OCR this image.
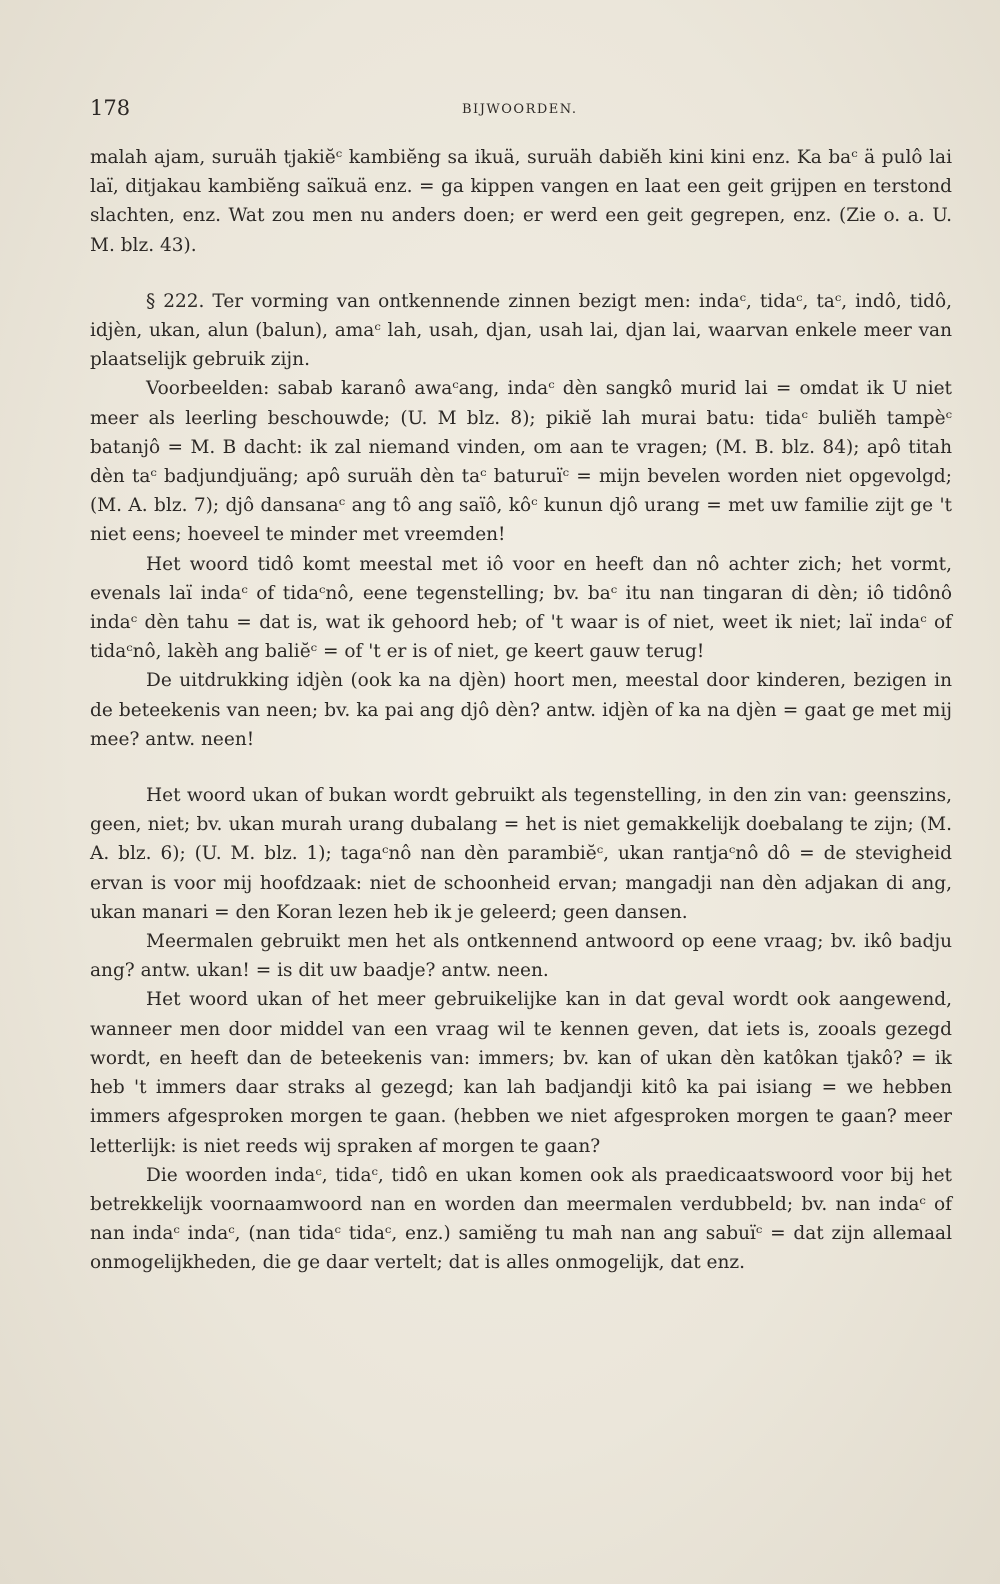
178	BIJWOORDEN.

malah ajam, suruäh tjakiĕᶜ kambiĕng sa ikuä, suruäh dabiĕh kini kini enz. Ka baᶜ ä pulô lai laï, ditjakau kambiĕng saïkuä enz. = ga kippen vangen en laat een geit grijpen en terstond slachten, enz. Wat zou men nu anders doen; er werd een geit gegrepen, enz. (Zie o. a. U. M. blz. 43).

§ 222. Ter vorming van ontkennende zinnen bezigt men: indaᶜ, tidaᶜ, taᶜ, indô, tidô, idjèn, ukan, alun (balun), amaᶜ lah, usah, djan, usah lai, djan lai, waarvan enkele meer van plaatselijk gebruik zijn.

Voorbeelden: sabab karanô awaᶜang, indaᶜ dèn sangkô murid lai = omdat ik U niet meer als leerling beschouwde; (U. M blz. 8); pikiĕ lah murai batu: tidaᶜ buliĕh tampèᶜ batanjô = M. B dacht: ik zal niemand vinden, om aan te vragen; (M. B. blz. 84); apô titah dèn taᶜ badjundjuäng; apô suruäh dèn taᶜ baturuïᶜ = mijn bevelen worden niet opgevolgd; (M. A. blz. 7); djô dansanaᶜ ang tô ang saïô, kôᶜ kunun djô urang = met uw familie zijt ge 't niet eens; hoeveel te minder met vreemden!

Het woord tidô komt meestal met iô voor en heeft dan nô achter zich; het vormt, evenals laï indaᶜ of tidaᶜnô, eene tegenstelling; bv. baᶜ itu nan tingaran di dèn; iô tidônô indaᶜ dèn tahu = dat is, wat ik gehoord heb; of 't waar is of niet, weet ik niet; laï indaᶜ of tidaᶜnô, lakèh ang baliĕᶜ = of 't er is of niet, ge keert gauw terug!

De uitdrukking idjèn (ook ka na djèn) hoort men, meestal door kinderen, bezigen in de beteekenis van neen; bv. ka pai ang djô dèn? antw. idjèn of ka na djèn = gaat ge met mij mee? antw. neen!

Het woord ukan of bukan wordt gebruikt als tegenstelling, in den zin van: geenszins, geen, niet; bv. ukan murah urang dubalang = het is niet gemakkelijk doebalang te zijn; (M. A. blz. 6); (U. M. blz. 1); tagaᶜnô nan dèn parambiĕᶜ, ukan rantjaᶜnô dô = de stevigheid ervan is voor mij hoofdzaak: niet de schoonheid ervan; mangadji nan dèn adjakan di ang, ukan manari = den Koran lezen heb ik je geleerd; geen dansen.

Meermalen gebruikt men het als ontkennend antwoord op eene vraag; bv. ikô badju ang? antw. ukan! = is dit uw baadje? antw. neen.

Het woord ukan of het meer gebruikelijke kan in dat geval wordt ook aangewend, wanneer men door middel van een vraag wil te kennen geven, dat iets is, zooals gezegd wordt, en heeft dan de beteekenis van: immers; bv. kan of ukan dèn katôkan tjakô? = ik heb 't immers daar straks al gezegd; kan lah badjandji kitô ka pai isiang = we hebben immers afgesproken morgen te gaan. (hebben we niet afgesproken morgen te gaan? meer letterlijk: is niet reeds wij spraken af morgen te gaan?

Die woorden indaᶜ, tidaᶜ, tidô en ukan komen ook als praedicaatswoord voor bij het betrekkelijk voornaamwoord nan en worden dan meermalen verdubbeld; bv. nan indaᶜ of nan indaᶜ indaᶜ, (nan tidaᶜ tidaᶜ, enz.) samiĕng tu mah nan ang sabuïᶜ = dat zijn allemaal onmogelijkheden, die ge daar vertelt; dat is alles onmogelijk, dat enz.
